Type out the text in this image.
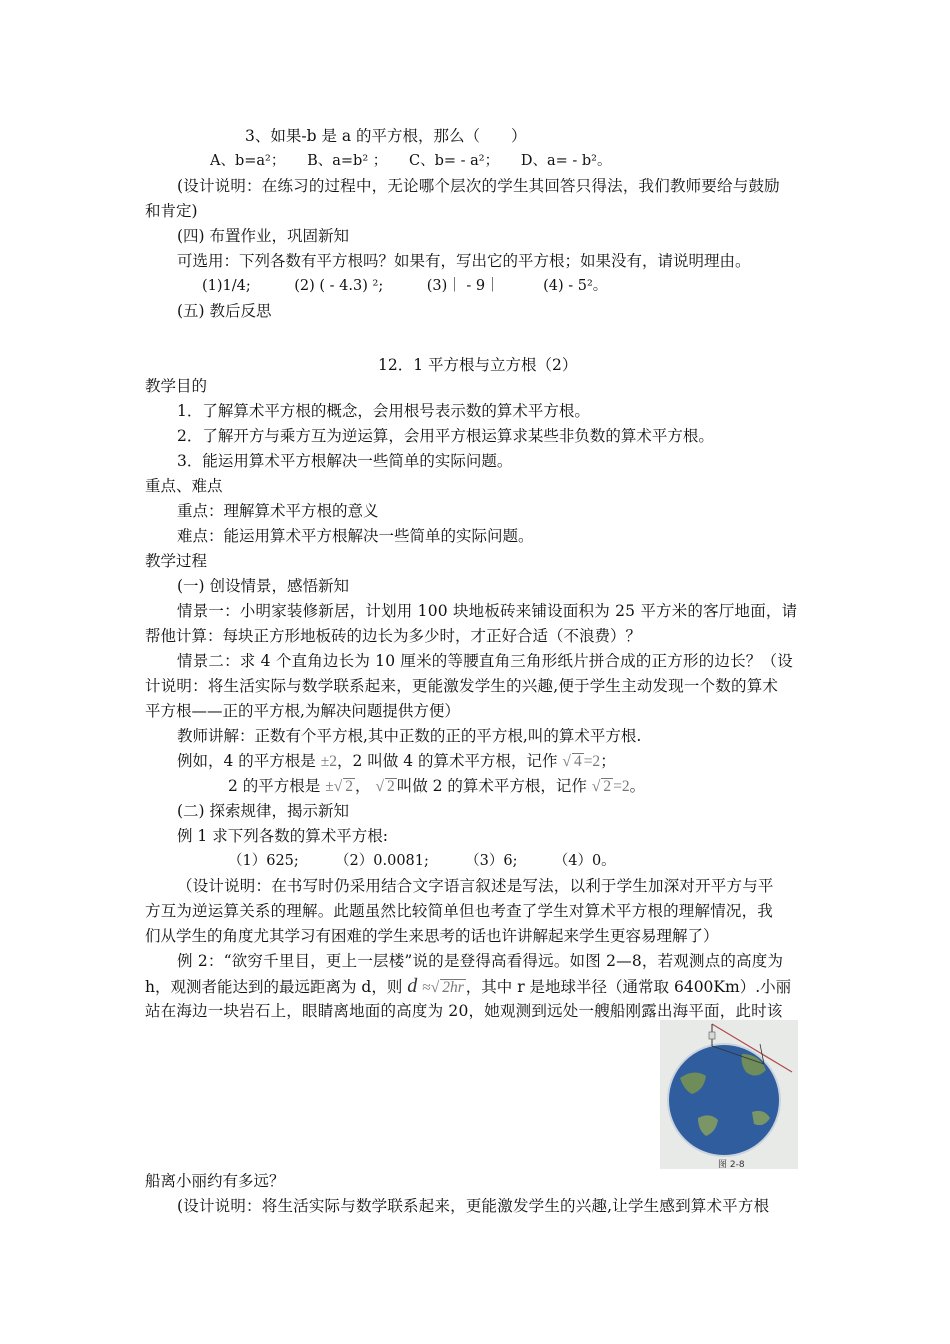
3、如果-b 是 a 的平方根，那么（　　）
A、b=a²；　　B、a=b² ；　　C、b= - a²；　　D、a= - b²。
(设计说明：在练习的过程中，无论哪个层次的学生其回答只得法，我们教师要给与鼓励
和肯定)
(四) 布置作业，巩固新知
可选用：下列各数有平方根吗？如果有，写出它的平方根；如果没有，请说明理由。
(1)1/4;　　　(2) ( - 4.3) ²;　　　(3)｜ - 9｜　　　(4) - 5²。
(五) 教后反思
12．1 平方根与立方根（2）
教学目的
1．了解算术平方根的概念，会用根号表示数的算术平方根。
2．了解开方与乘方互为逆运算，会用平方根运算求某些非负数的算术平方根。
3．能运用算术平方根解决一些简单的实际问题。
重点、难点
重点：理解算术平方根的意义
难点：能运用算术平方根解决一些简单的实际问题。
教学过程
(一) 创设情景，感悟新知
情景一：小明家装修新居，计划用 100 块地板砖来铺设面积为 25 平方米的客厅地面，请
帮他计算：每块正方形地板砖的边长为多少时，才正好合适（不浪费）？
情景二：求 4 个直角边长为 10 厘米的等腰直角三角形纸片拼合成的正方形的边长？（设
计说明：将生活实际与数学联系起来，更能激发学生的兴趣,便于学生主动发现一个数的算术
平方根——正的平方根,为解决问题提供方便）
教师讲解：正数有个平方根,其中正数的正的平方根,叫的算术平方根.
例如，4 的平方根是 ±2，2 叫做 4 的算术平方根，记作 √ 4 =2；
2 的平方根是 ±√ 2 ， √ 2 叫做 2 的算术平方根，记作 √ 2 =2。
(二) 探索规律，揭示新知
例 1 求下列各数的算术平方根:
（1）625;　　　（2）0.0081;　　　（3）6;　　　（4）0。
（设计说明：在书写时仍采用结合文字语言叙述是写法，以利于学生加深对开平方与平
方互为逆运算关系的理解。此题虽然比较简单但也考查了学生对算术平方根的理解情况，我
们从学生的角度尤其学习有困难的学生来思考的话也许讲解起来学生更容易理解了）
例 2：“欲穷千里目，更上一层楼”说的是登得高看得远。如图 2—8，若观测点的高度为
h，观测者能达到的最远距离为 d，则 d ≈√ 2hr ，其中 r 是地球半径（通常取 6400Km）.小丽
站在海边一块岩石上，眼睛离地面的高度为 20，她观测到远处一艘船刚露出海平面，此时该
图 2-8
船离小丽约有多远？
(设计说明：将生活实际与数学联系起来，更能激发学生的兴趣,让学生感到算术平方根
